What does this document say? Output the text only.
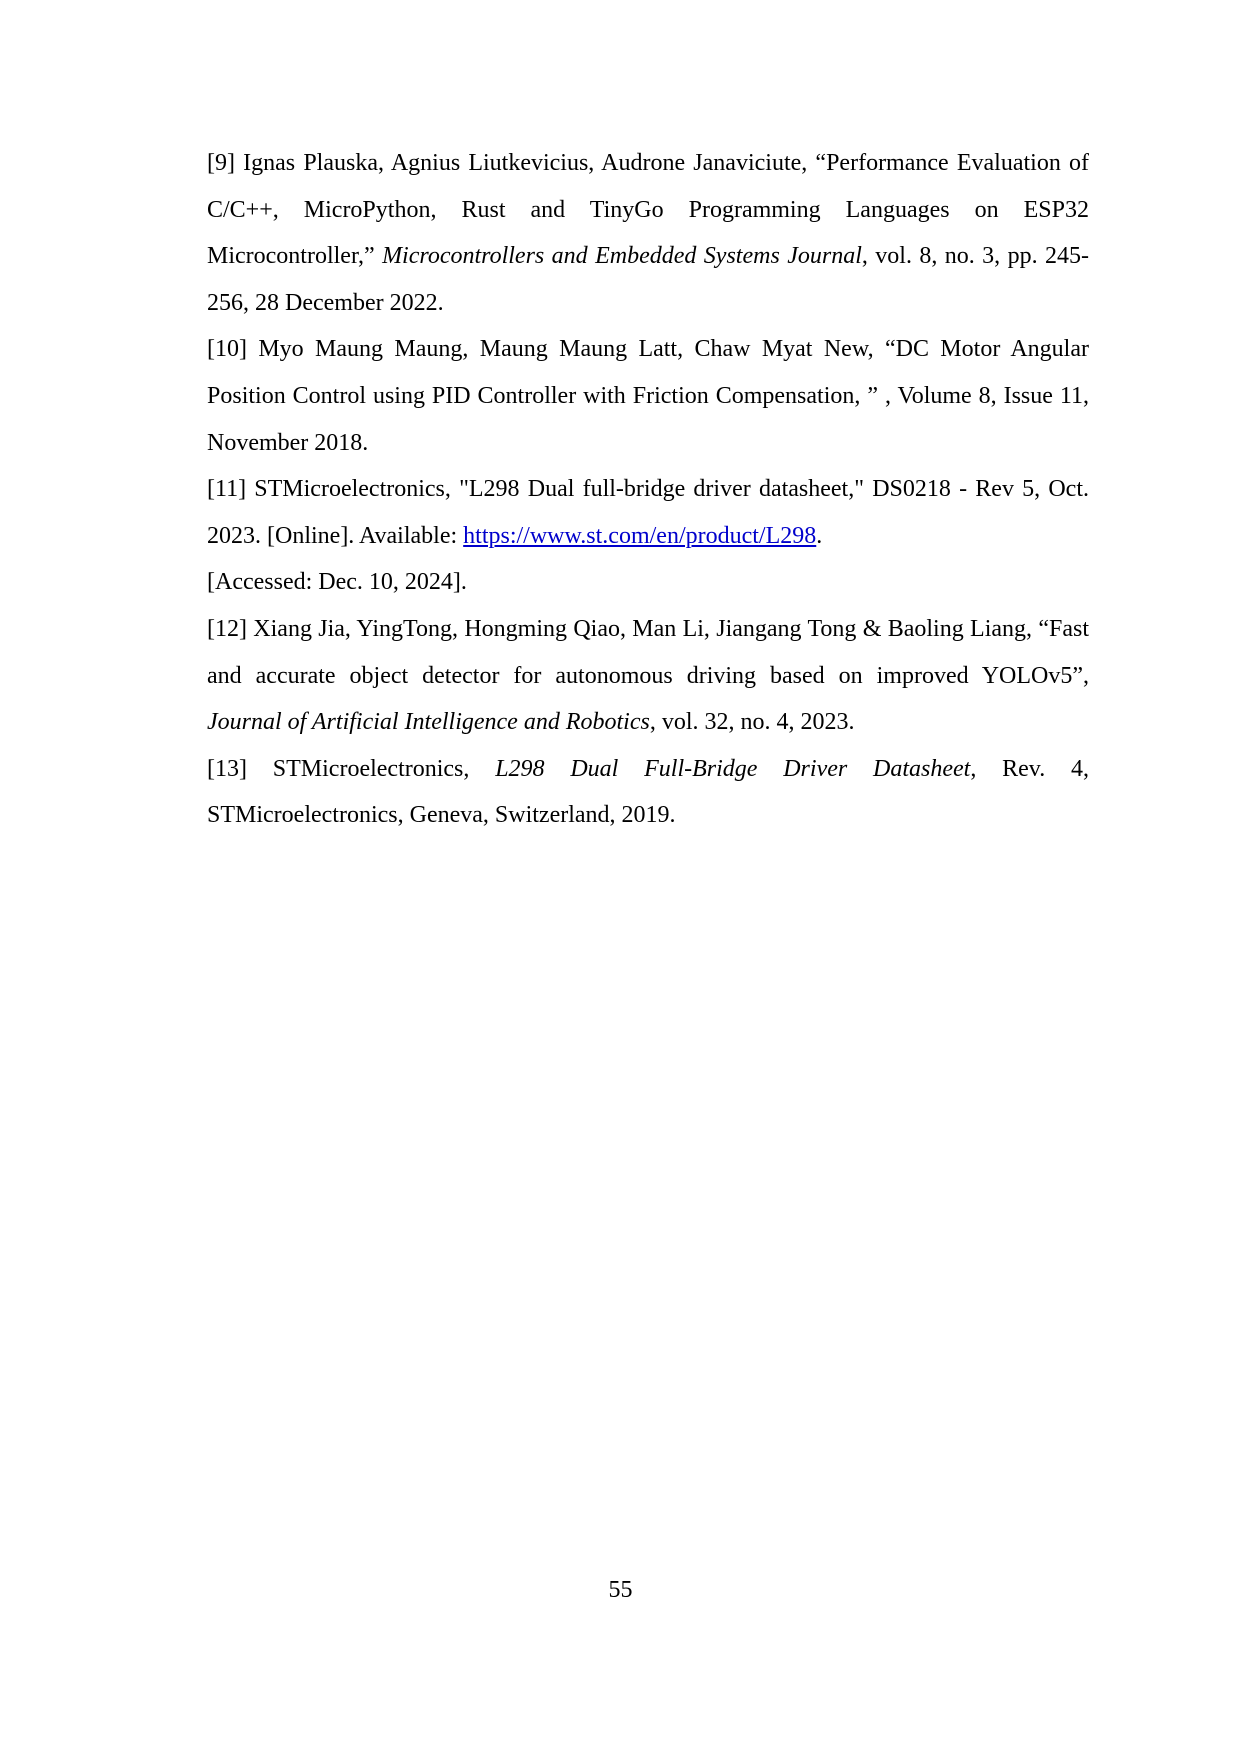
[9] Ignas Plauska, Agnius Liutkevicius, Audrone Janaviciute, “Performance Evaluation of C/C++, MicroPython, Rust and TinyGo Programming Languages on ESP32 Microcontroller,” Microcontrollers and Embedded Systems Journal, vol. 8, no. 3, pp. 245-256, 28 December 2022.

[10] Myo Maung Maung, Maung Maung Latt, Chaw Myat New, “DC Motor Angular Position Control using PID Controller with Friction Compensation, ” , Volume 8, Issue 11, November 2018.

[11] STMicroelectronics, "L298 Dual full-bridge driver datasheet," DS0218 - Rev 5, Oct. 2023. [Online]. Available: https://www.st.com/en/product/L298.

[Accessed: Dec. 10, 2024].

[12] Xiang Jia, YingTong, Hongming Qiao, Man Li, Jiangang Tong & Baoling Liang, “Fast and accurate object detector for autonomous driving based on improved YOLOv5”, Journal of Artificial Intelligence and Robotics, vol. 32, no. 4, 2023.

[13] STMicroelectronics, L298 Dual Full-Bridge Driver Datasheet, Rev. 4, STMicroelectronics, Geneva, Switzerland, 2019.

55
